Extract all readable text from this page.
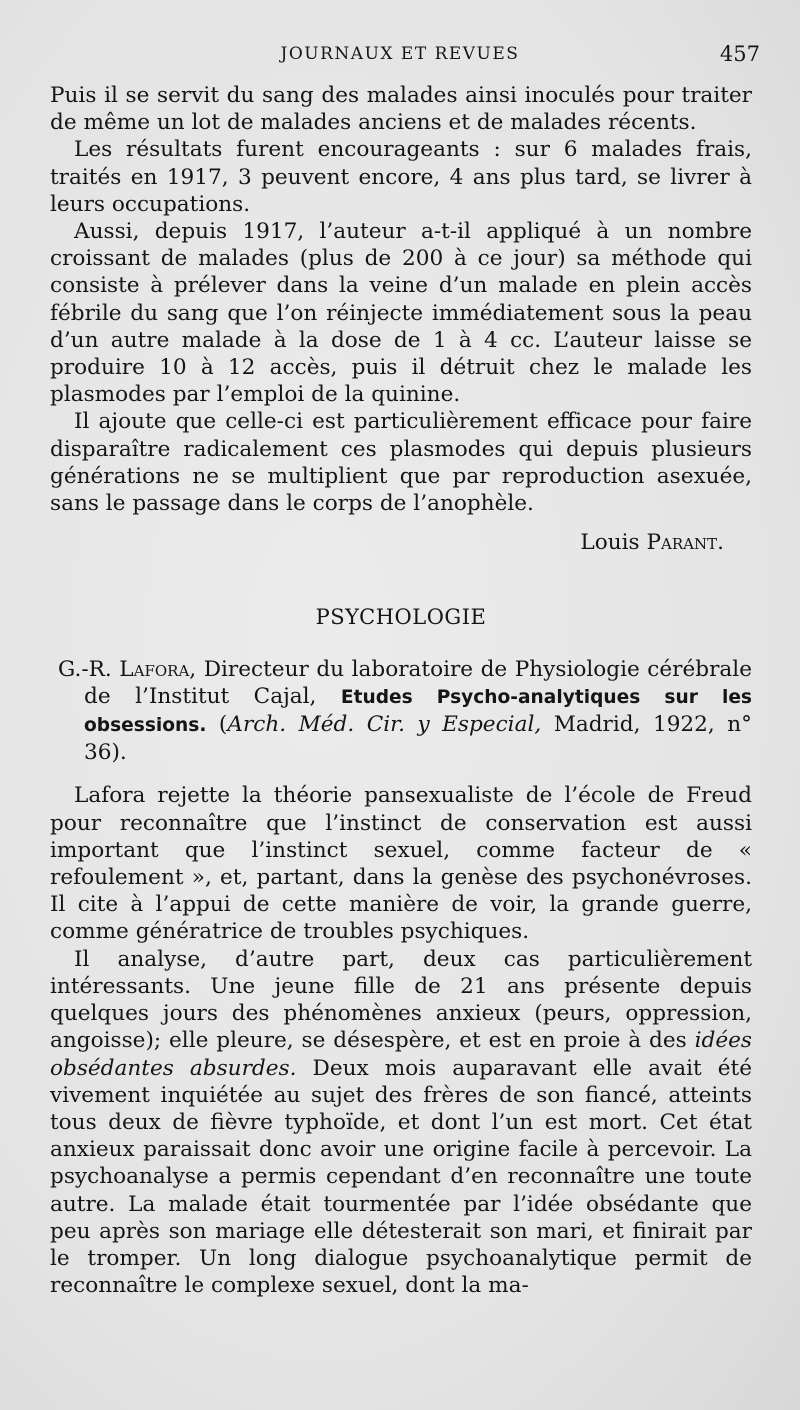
JOURNAUX ET REVUES	457

Puis il se servit du sang des malades ainsi inoculés pour traiter de même un lot de malades anciens et de malades récents.

Les résultats furent encourageants : sur 6 malades frais, traités en 1917, 3 peuvent encore, 4 ans plus tard, se livrer à leurs occupations.

Aussi, depuis 1917, l’auteur a-t-il appliqué à un nombre croissant de malades (plus de 200 à ce jour) sa méthode qui consiste à prélever dans la veine d’un malade en plein accès fébrile du sang que l’on réinjecte immédiatement sous la peau d’un autre malade à la dose de 1 à 4 cc. L’auteur laisse se produire 10 à 12 accès, puis il détruit chez le malade les plasmodes par l’emploi de la quinine.

Il ajoute que celle-ci est particulièrement efficace pour faire disparaître radicalement ces plasmodes qui depuis plusieurs générations ne se multiplient que par reproduction asexuée, sans le passage dans le corps de l’anophèle.

Louis Parant.

PSYCHOLOGIE

G.-R. Lafora, Directeur du laboratoire de Physiologie cérébrale de l’Institut Cajal, Etudes Psycho-analytiques sur les obsessions. (Arch. Méd. Cir. y Especial, Madrid, 1922, n° 36).

Lafora rejette la théorie pansexualiste de l’école de Freud pour reconnaître que l’instinct de conservation est aussi important que l’instinct sexuel, comme facteur de « refoulement », et, partant, dans la genèse des psychonévroses. Il cite à l’appui de cette manière de voir, la grande guerre, comme génératrice de troubles psychiques.

Il analyse, d’autre part, deux cas particulièrement intéressants. Une jeune fille de 21 ans présente depuis quelques jours des phénomènes anxieux (peurs, oppression, angoisse); elle pleure, se désespère, et est en proie à des idées obsédantes absurdes. Deux mois auparavant elle avait été vivement inquiétée au sujet des frères de son fiancé, atteints tous deux de fièvre typhoïde, et dont l’un est mort. Cet état anxieux paraissait donc avoir une origine facile à percevoir. La psychoanalyse a permis cependant d’en reconnaître une toute autre. La malade était tourmentée par l’idée obsédante que peu après son mariage elle détesterait son mari, et finirait par le tromper. Un long dialogue psychoanalytique permit de reconnaître le complexe sexuel, dont la ma-
